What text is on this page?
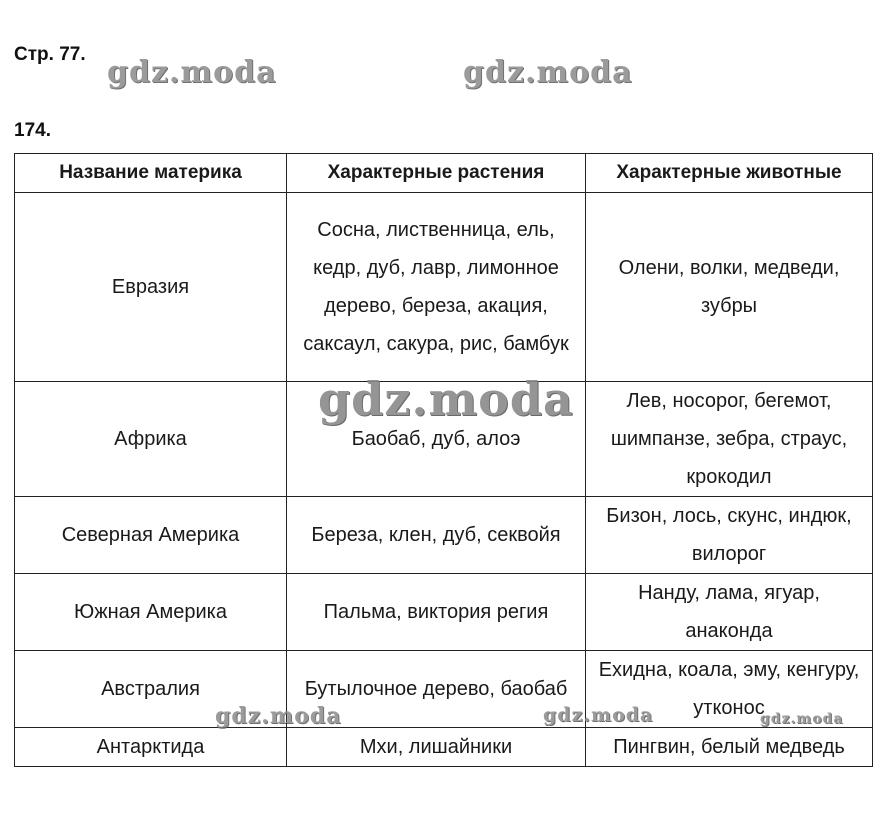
Стр. 77.
174.
Название материка	Характерные растения	Характерные животные
Евразия	Сосна, лиственница, ель, кедр, дуб, лавр, лимонное дерево, береза, акация, саксаул, сакура, рис, бамбук	Олени, волки, медведи, зубры
Африка	Баобаб, дуб, алоэ	Лев, носорог, бегемот, шимпанзе, зебра, страус, крокодил
Северная Америка	Береза, клен, дуб, секвойя	Бизон, лось, скунс, индюк, вилорог
Южная Америка	Пальма, виктория регия	Нанду, лама, ягуар, анаконда
Австралия	Бутылочное дерево, баобаб	Ехидна, коала, эму, кенгуру, утконос
Антарктида	Мхи, лишайники	Пингвин, белый медведь
gdz.moda	gdz.moda
gdz.moda
gdz.moda	gdz.moda	gdz.moda
